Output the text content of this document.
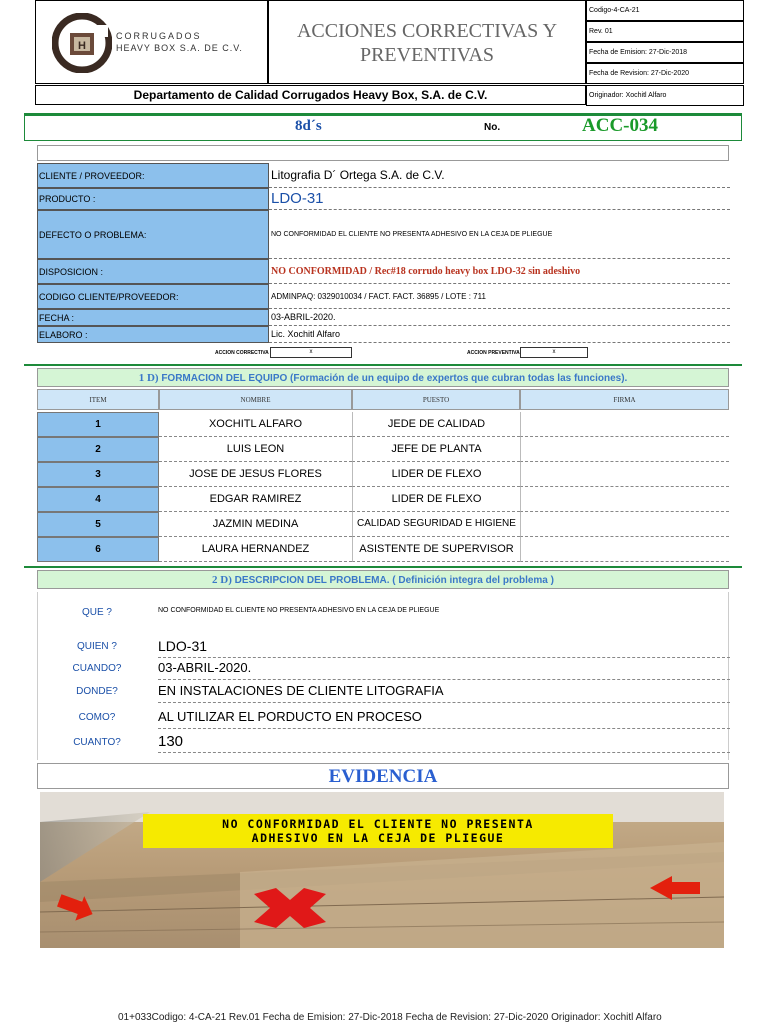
H
CORRUGADOS
HEAVY BOX S.A. DE C.V.
ACCIONES CORRECTIVAS Y PREVENTIVAS
Codigo-4-CA-21
Rev. 01
Fecha de Emision: 27-Dic-2018
Fecha de Revision: 27-Dic-2020
Originador: Xochitl Alfaro
Departamento de Calidad Corrugados Heavy Box, S.A. de C.V.
8d´s	No.	ACC-034
CLIENTE / PROVEEDOR:	Litografia D´ Ortega S.A. de C.V.
PRODUCTO :	LDO-31
DEFECTO O PROBLEMA:	NO CONFORMIDAD EL CLIENTE NO PRESENTA ADHESIVO EN LA CEJA DE PLIEGUE
DISPOSICION :	NO CONFORMIDAD / Rec#18 corrudo heavy box LDO-32 sin adeshivo
CODIGO CLIENTE/PROVEEDOR:	ADMINPAQ: 0329010034 / FACT. FACT. 36895 / LOTE : 711
FECHA :	03-ABRIL-2020.
ELABORO :	Lic. Xochitl Alfaro
ACCION CORRECTIVA	x	ACCION PREVENTIVA	x
1 D) FORMACION DEL EQUIPO (Formación de un equipo de expertos que cubran todas las funciones).
ITEM	NOMBRE	PUESTO	FIRMA
1	XOCHITL ALFARO	JEDE DE CALIDAD
2	LUIS LEON	JEFE DE PLANTA
3	JOSE DE JESUS FLORES	LIDER DE FLEXO
4	EDGAR RAMIREZ	LIDER DE FLEXO
5	JAZMIN MEDINA	CALIDAD SEGURIDAD E HIGIENE
6	LAURA HERNANDEZ	ASISTENTE DE SUPERVISOR
2 D) DESCRIPCION DEL PROBLEMA. ( Definición integra del problema )
QUE ?	NO CONFORMIDAD EL CLIENTE NO PRESENTA ADHESIVO EN LA CEJA DE PLIEGUE
QUIEN ?	LDO-31
CUANDO?	03-ABRIL-2020.
DONDE?	EN INSTALACIONES DE CLIENTE LITOGRAFIA
COMO?	AL UTILIZAR EL PORDUCTO EN PROCESO
CUANTO?	130
EVIDENCIA
NO CONFORMIDAD EL CLIENTE NO PRESENTA
ADHESIVO EN LA CEJA DE PLIEGUE
01+033Codigo: 4-CA-21 Rev.01 Fecha de Emision: 27-Dic-2018 Fecha de Revision: 27-Dic-2020 Originador: Xochitl Alfaro
